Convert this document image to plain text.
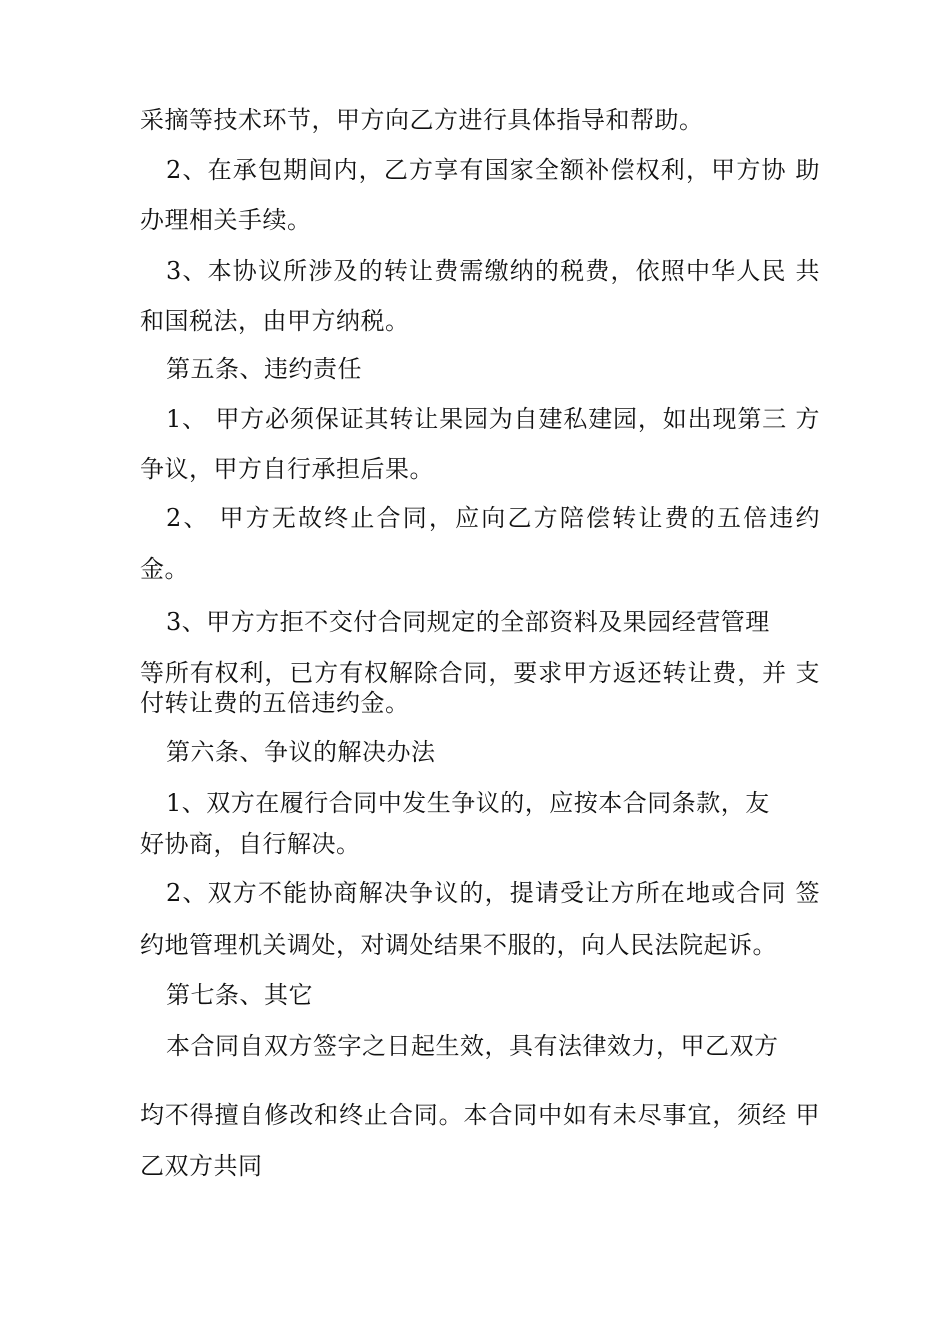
采摘等技术环节，甲方向乙方进行具体指导和帮助。
2、在承包期间内，乙方享有国家全额补偿权利，甲方协 助
办理相关手续。
3、本协议所涉及的转让费需缴纳的税费，依照中华人民 共
和国税法，由甲方纳税。
第五条、违约责任
1、 甲方必须保证其转让果园为自建私建园，如出现第三 方
争议，甲方自行承担后果。
2、 甲方无故终止合同，应向乙方陪偿转让费的五倍违约
金。
3、甲方方拒不交付合同规定的全部资料及果园经营管理
等所有权利，已方有权解除合同，要求甲方返还转让费，并 支
付转让费的五倍违约金。
第六条、争议的解决办法
1、双方在履行合同中发生争议的，应按本合同条款，友
好协商，自行解决。
2、双方不能协商解决争议的，提请受让方所在地或合同 签
约地管理机关调处，对调处结果不服的，向人民法院起诉。
第七条、其它
本合同自双方签字之日起生效，具有法律效力，甲乙双方
均不得擅自修改和终止合同。本合同中如有未尽事宜，须经 甲
乙双方共同
